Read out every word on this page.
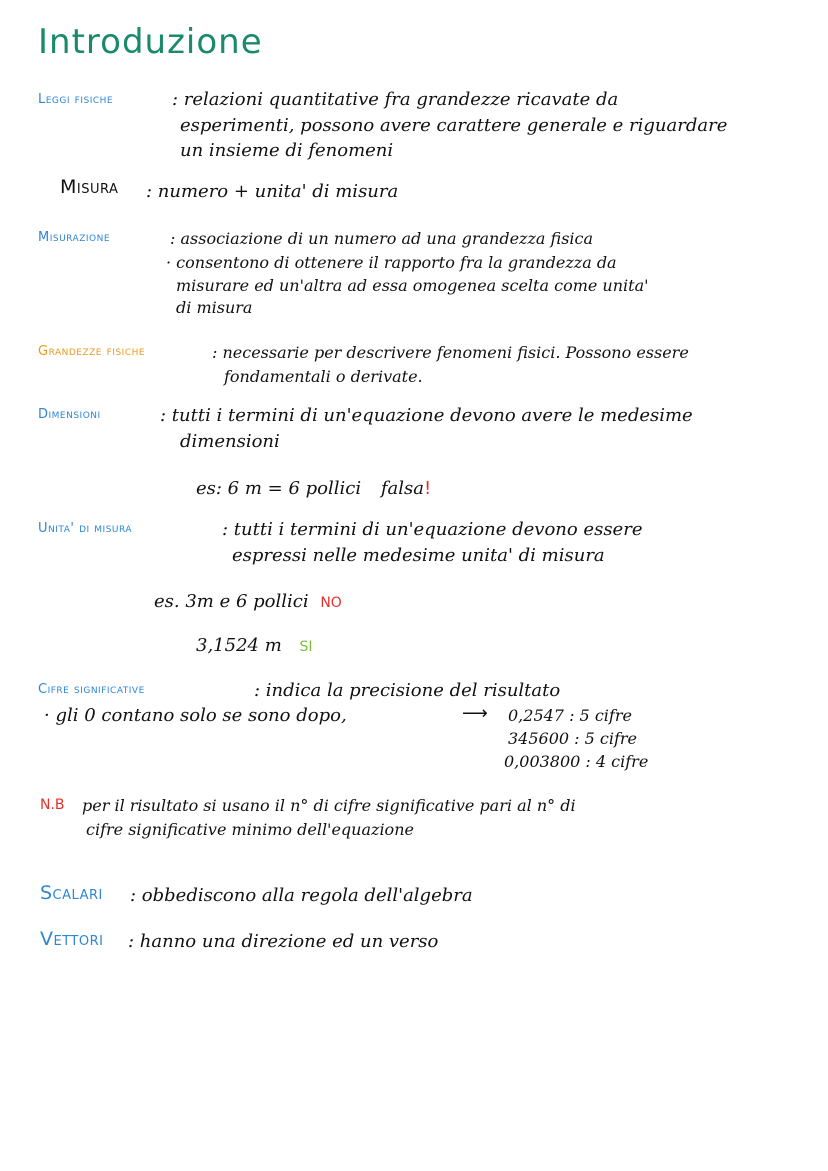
Introduzione
Leggi fisiche	: relazioni quantitative fra grandezze ricavate da
esperimenti, possono avere carattere generale e riguardare
un insieme di fenomeni
Misura : numero + unita' di misura
Misurazione	: associazione di un numero ad una grandezza fisica
· consentono di ottenere il rapporto fra la grandezza da
misurare ed un'altra ad essa omogenea scelta come unita'
di misura
Grandezze fisiche	: necessarie per descrivere fenomeni fisici. Possono essere
fondamentali o derivate.
Dimensioni	: tutti i termini di un'equazione devono avere le medesime
dimensioni
es: 6 m = 6 pollici falsa!
Unita' di misura	: tutti i termini di un'equazione devono essere
espressi nelle medesime unita' di misura
es. 3m e 6 pollici NO
3,1524 m SI
Cifre significative	: indica la precisione del risultato
· gli 0 contano solo se sono dopo,	⟶ 0,2547 : 5 cifre
345600 : 5 cifre
0,003800 : 4 cifre
N.B per il risultato si usano il n° di cifre significative pari al n° di
cifre significative minimo dell'equazione
Scalari : obbediscono alla regola dell'algebra
Vettori : hanno una direzione ed un verso
